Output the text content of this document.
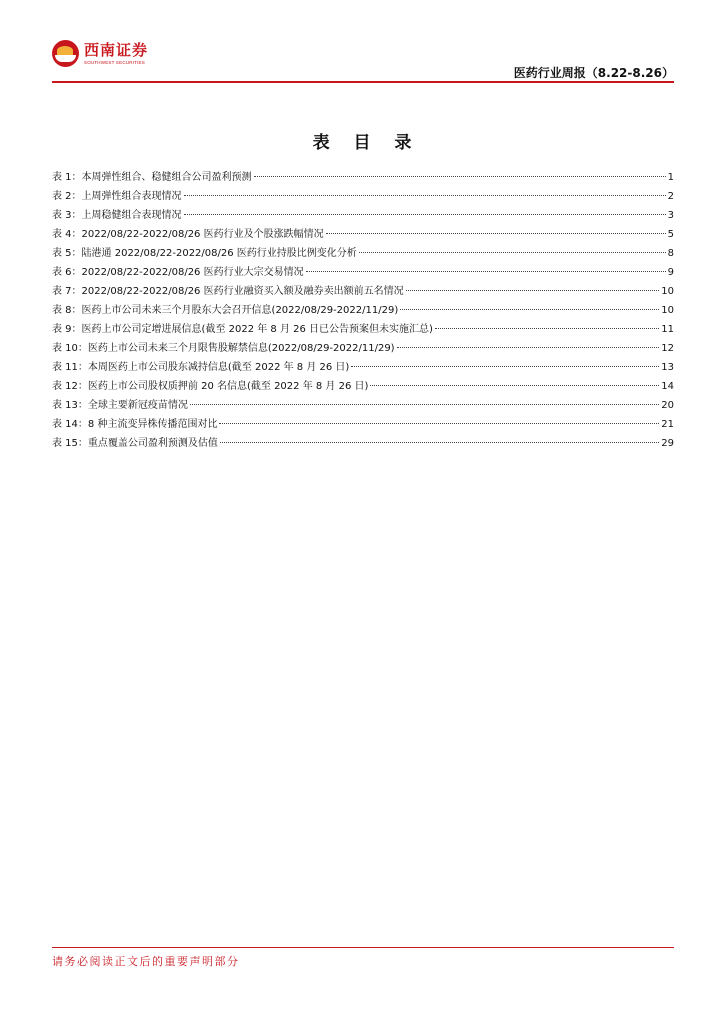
西南证券
SOUTHWEST SECURITIES
医药行业周报（8.22-8.26）
表 目 录
表 1：本周弹性组合、稳健组合公司盈利预测	1
表 2：上周弹性组合表现情况	2
表 3：上周稳健组合表现情况	3
表 4：2022/08/22-2022/08/26 医药行业及个股涨跌幅情况	5
表 5：陆港通 2022/08/22-2022/08/26 医药行业持股比例变化分析	8
表 6：2022/08/22-2022/08/26 医药行业大宗交易情况	9
表 7：2022/08/22-2022/08/26 医药行业融资买入额及融券卖出额前五名情况	10
表 8：医药上市公司未来三个月股东大会召开信息(2022/08/29-2022/11/29)	10
表 9：医药上市公司定增进展信息(截至 2022 年 8 月 26 日已公告预案但未实施汇总)	11
表 10：医药上市公司未来三个月限售股解禁信息(2022/08/29-2022/11/29)	12
表 11：本周医药上市公司股东减持信息(截至 2022 年 8 月 26 日)	13
表 12：医药上市公司股权质押前 20 名信息(截至 2022 年 8 月 26 日)	14
表 13：全球主要新冠疫苗情况	20
表 14：8 种主流变异株传播范围对比	21
表 15：重点覆盖公司盈利预测及估值	29
请务必阅读正文后的重要声明部分
